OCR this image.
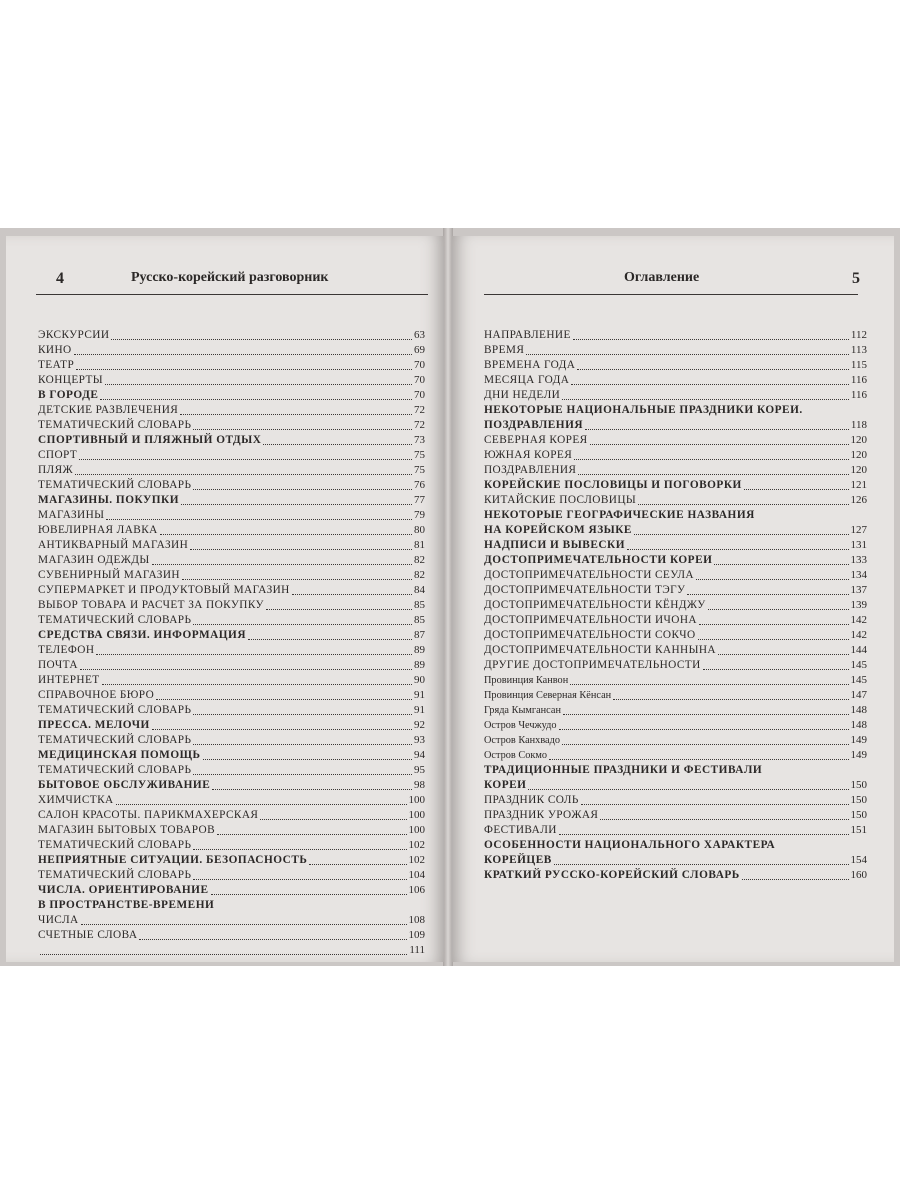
4	Русско-корейский разговорник
ЭКСКУРСИИ	63
КИНО	69
ТЕАТР	70
КОНЦЕРТЫ	70
В ГОРОДЕ	70
ДЕТСКИЕ РАЗВЛЕЧЕНИЯ	72
ТЕМАТИЧЕСКИЙ СЛОВАРЬ	72
СПОРТИВНЫЙ И ПЛЯЖНЫЙ ОТДЫХ	73
СПОРТ	75
ПЛЯЖ	75
ТЕМАТИЧЕСКИЙ СЛОВАРЬ	76
МАГАЗИНЫ. ПОКУПКИ	77
МАГАЗИНЫ	79
ЮВЕЛИРНАЯ ЛАВКА	80
АНТИКВАРНЫЙ МАГАЗИН	81
МАГАЗИН ОДЕЖДЫ	82
СУВЕНИРНЫЙ МАГАЗИН	82
СУПЕРМАРКЕТ И ПРОДУКТОВЫЙ МАГАЗИН	84
ВЫБОР ТОВАРА И РАСЧЕТ ЗА ПОКУПКУ	85
ТЕМАТИЧЕСКИЙ СЛОВАРЬ	85
СРЕДСТВА СВЯЗИ. ИНФОРМАЦИЯ	87
ТЕЛЕФОН	89
ПОЧТА	89
ИНТЕРНЕТ	90
СПРАВОЧНОЕ БЮРО	91
ТЕМАТИЧЕСКИЙ СЛОВАРЬ	91
ПРЕССА. МЕЛОЧИ	92
ТЕМАТИЧЕСКИЙ СЛОВАРЬ	93
МЕДИЦИНСКАЯ ПОМОЩЬ	94
ТЕМАТИЧЕСКИЙ СЛОВАРЬ	95
БЫТОВОЕ ОБСЛУЖИВАНИЕ	98
ХИМЧИСТКА	100
САЛОН КРАСОТЫ. ПАРИКМАХЕРСКАЯ	100
МАГАЗИН БЫТОВЫХ ТОВАРОВ	100
ТЕМАТИЧЕСКИЙ СЛОВАРЬ	102
НЕПРИЯТНЫЕ СИТУАЦИИ. БЕЗОПАСНОСТЬ	102
ТЕМАТИЧЕСКИЙ СЛОВАРЬ	104
ЧИСЛА. ОРИЕНТИРОВАНИЕ	106
В ПРОСТРАНСТВЕ-ВРЕМЕНИ
ЧИСЛА	108
СЧЕТНЫЕ СЛОВА	109
111
Оглавление	5
НАПРАВЛЕНИЕ	112
ВРЕМЯ	113
ВРЕМЕНА ГОДА	115
МЕСЯЦА ГОДА	116
ДНИ НЕДЕЛИ	116
НЕКОТОРЫЕ НАЦИОНАЛЬНЫЕ ПРАЗДНИКИ КОРЕИ.
ПОЗДРАВЛЕНИЯ	118
СЕВЕРНАЯ КОРЕЯ	120
ЮЖНАЯ КОРЕЯ	120
ПОЗДРАВЛЕНИЯ	120
КОРЕЙСКИЕ ПОСЛОВИЦЫ И ПОГОВОРКИ	121
КИТАЙСКИЕ ПОСЛОВИЦЫ	126
НЕКОТОРЫЕ ГЕОГРАФИЧЕСКИЕ НАЗВАНИЯ
НА КОРЕЙСКОМ ЯЗЫКЕ	127
НАДПИСИ И ВЫВЕСКИ	131
ДОСТОПРИМЕЧАТЕЛЬНОСТИ КОРЕИ	133
ДОСТОПРИМЕЧАТЕЛЬНОСТИ СЕУЛА	134
ДОСТОПРИМЕЧАТЕЛЬНОСТИ ТЭГУ	137
ДОСТОПРИМЕЧАТЕЛЬНОСТИ КЁНДЖУ	139
ДОСТОПРИМЕЧАТЕЛЬНОСТИ ИЧОНА	142
ДОСТОПРИМЕЧАТЕЛЬНОСТИ СОКЧО	142
ДОСТОПРИМЕЧАТЕЛЬНОСТИ КАННЫНА	144
ДРУГИЕ ДОСТОПРИМЕЧАТЕЛЬНОСТИ	145
Провинция Канвон	145
Провинция Северная Кёнсан	147
Гряда Кымгансан	148
Остров Чечжудо	148
Остров Канхвадо	149
Остров Сокмо	149
ТРАДИЦИОННЫЕ ПРАЗДНИКИ И ФЕСТИВАЛИ
КОРЕИ	150
ПРАЗДНИК СОЛЬ	150
ПРАЗДНИК УРОЖАЯ	150
ФЕСТИВАЛИ	151
ОСОБЕННОСТИ НАЦИОНАЛЬНОГО ХАРАКТЕРА
КОРЕЙЦЕВ	154
КРАТКИЙ РУССКО-КОРЕЙСКИЙ СЛОВАРЬ	160
